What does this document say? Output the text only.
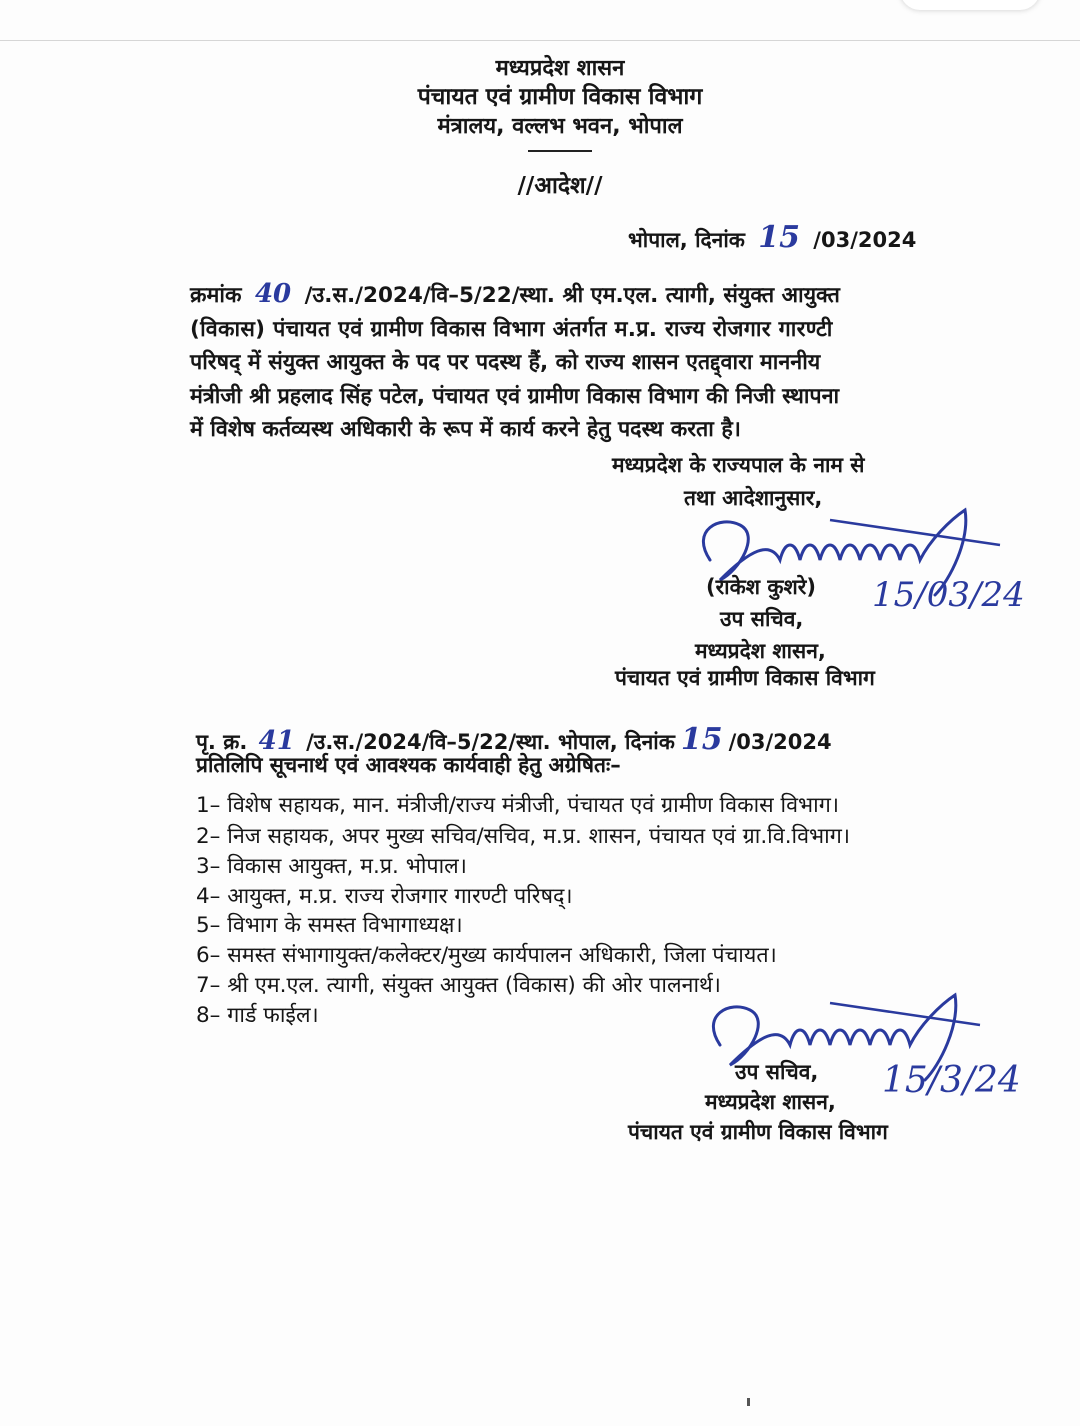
मध्यप्रदेश शासन
पंचायत एवं ग्रामीण विकास विभाग
मंत्रालय, वल्लभ भवन, भोपाल
//आदेश//
भोपाल, दिनांक 15 /03/2024
क्रमांक 40 /उ.स./2024/वि–5/22/स्था. श्री एम.एल. त्यागी, संयुक्त आयुक्त
(विकास) पंचायत एवं ग्रामीण विकास विभाग अंतर्गत म.प्र. राज्य रोजगार गारण्टी
परिषद् में संयुक्त आयुक्त के पद पर पदस्थ हैं, को राज्य शासन एतद्द्वारा माननीय
मंत्रीजी श्री प्रहलाद सिंह पटेल, पंचायत एवं ग्रामीण विकास विभाग की निजी स्थापना
में विशेष कर्तव्यस्थ अधिकारी के रूप में कार्य करने हेतु पदस्थ करता है।
मध्यप्रदेश के राज्यपाल के नाम से
तथा आदेशानुसार,
(राकेश कुशरे) 15/03/24
उप सचिव,
मध्यप्रदेश शासन,
पंचायत एवं ग्रामीण विकास विभाग
पृ. क्र. 41 /उ.स./2024/वि–5/22/स्था. भोपाल, दिनांक 15 /03/2024
प्रतिलिपि सूचनार्थ एवं आवश्यक कार्यवाही हेतु अग्रेषितः–
1– विशेष सहायक, मान. मंत्रीजी/राज्य मंत्रीजी, पंचायत एवं ग्रामीण विकास विभाग।
2– निज सहायक, अपर मुख्य सचिव/सचिव, म.प्र. शासन, पंचायत एवं ग्रा.वि.विभाग।
3– विकास आयुक्त, म.प्र. भोपाल।
4– आयुक्त, म.प्र. राज्य रोजगार गारण्टी परिषद्।
5– विभाग के समस्त विभागाध्यक्ष।
6– समस्त संभागायुक्त/कलेक्टर/मुख्य कार्यपालन अधिकारी, जिला पंचायत।
7– श्री एम.एल. त्यागी, संयुक्त आयुक्त (विकास) की ओर पालनार्थ।
8– गार्ड फाईल।
उप सचिव, 15/3/24
मध्यप्रदेश शासन,
पंचायत एवं ग्रामीण विकास विभाग
